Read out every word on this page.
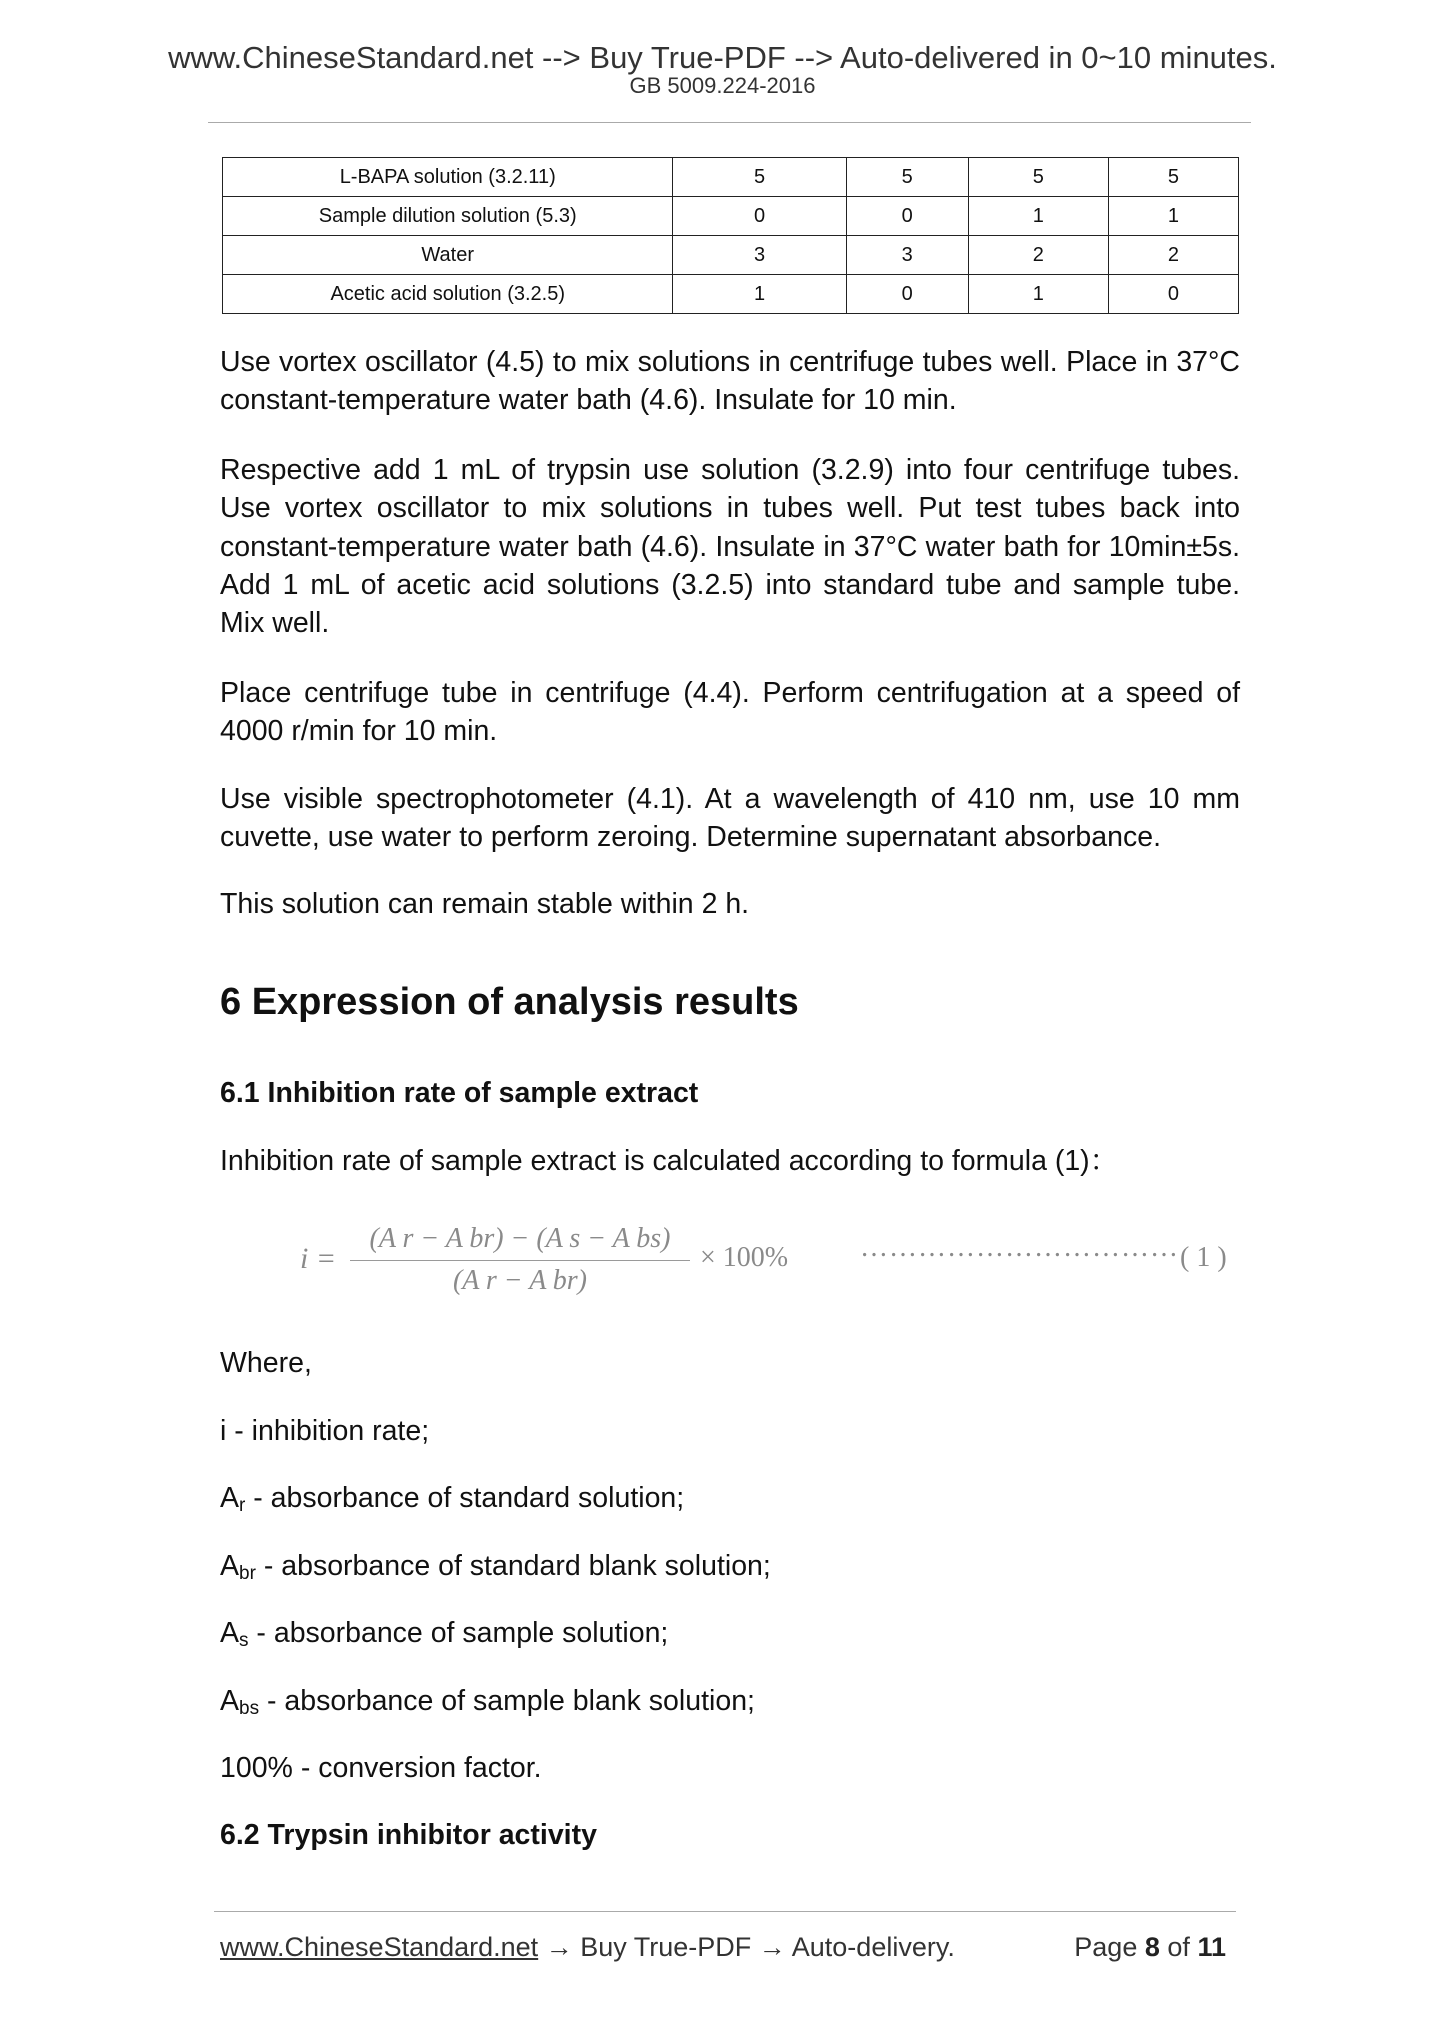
www.ChineseStandard.net --> Buy True-PDF --> Auto-delivered in 0~10 minutes.
GB 5009.224-2016
L-BAPA solution (3.2.11)	5	5	5	5
Sample dilution solution (5.3)	0	0	1	1
Water	3	3	2	2
Acetic acid solution (3.2.5)	1	0	1	0

Use vortex oscillator (4.5) to mix solutions in centrifuge tubes well. Place in 37°C constant-temperature water bath (4.6). Insulate for 10 min.

Respective add 1 mL of trypsin use solution (3.2.9) into four centrifuge tubes. Use vortex oscillator to mix solutions in tubes well. Put test tubes back into constant-temperature water bath (4.6). Insulate in 37°C water bath for 10min±5s. Add 1 mL of acetic acid solutions (3.2.5) into standard tube and sample tube. Mix well.

Place centrifuge tube in centrifuge (4.4). Perform centrifugation at a speed of 4000 r/min for 10 min.

Use visible spectrophotometer (4.1). At a wavelength of 410 nm, use 10 mm cuvette, use water to perform zeroing. Determine supernatant absorbance.

This solution can remain stable within 2 h.

6 Expression of analysis results
6.1 Inhibition rate of sample extract

Inhibition rate of sample extract is calculated according to formula (1)：

i =
(A r − A br) − (A s − A bs)
(A r − A br)
× 100%	…………………………… ( 1 )

Where,

i - inhibition rate;

$A_r$ - absorbance of standard solution;

$A_{br}$ - absorbance of standard blank solution;

$A_s$ - absorbance of sample solution;

$A_{bs}$ - absorbance of sample blank solution;

100% - conversion factor.

6.2 Trypsin inhibitor activity
www.ChineseStandard.net → Buy True-PDF → Auto-delivery.	Page 8 of 11
